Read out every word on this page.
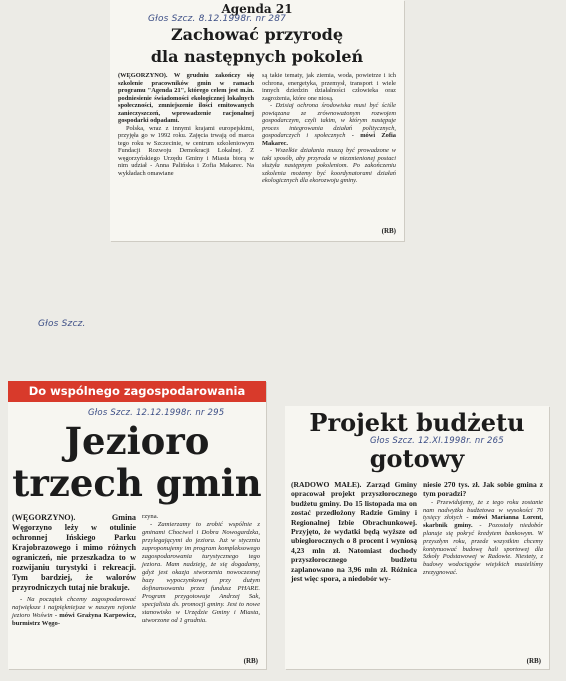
Głos Szcz. 8.12.1998r. nr 287
Agenda 21
Zachować przyrodę
dla następnych pokoleń

(WĘGORZYNO). W grudniu zakończy się szkolenie pracowników gmin w ramach programu "Agenda 21", którego celem jest m.in. podniesienie świadomości ekologicznej lokalnych społeczności, zmniejszenie ilości emitowanych zanieczyszczeń, wprowadzenie racjonalnej gospodarki odpadami.

Polska, wraz z innymi krajami europejskimi, przyjęła go w 1992 roku. Zajęcia trwają od marca tego roku w Szczecinie, w centrum szkoleniowym Fundacji Rozwoju Demokracji Lokalnej. Z węgorzyńskiego Urzędu Gminy i Miasta biorą w nim udział - Anna Palińska i Zofia Makarec. Na wykładach omawiane

są takie tematy, jak ziemia, woda, powietrze i ich ochrona, energetyka, przemysł, transport i wiele innych dziedzin działalności człowieka oraz zagrożenia, które one niosą.

- Dzisiaj ochrona środowiska musi być ściśle powiązana ze zrównoważonym rozwojem gospodarczym, czyli takim, w którym następuje proces integrowania działań politycznych, gospodarczych i społecznych - mówi Zofia Makarec.

- Wszelkie działania muszą być prowadzone w taki sposób, aby przyroda w niezmienionej postaci służyła następnym pokoleniom. Po zakończeniu szkolenia możemy być koordynatorami działań ekologicznych dla ekorozwoju gminy.

(RB)
Głos Szcz.
Do wspólnego zagospodarowania
Głos Szcz. 12.12.1998r. nr 295
Jezioro
trzech gmin

(WĘGORZYNO). Gmina Węgorzyno leży w otulinie ochronnej Ińskiego Parku Krajobrazowego i mimo różnych ograniczeń, nie przeszkadza to w rozwijaniu turystyki i rekreacji. Tym bardziej, że walorów przyrodniczych tutaj nie brakuje.

- Na początek chcemy zagospodarować największe i najpiękniejsze w naszym rejonie jezioro Woświn - mówi Grażyna Karpowicz, burmistrz Węgo-

rzyna.

- Zamierzamy to zrobić wspólnie z gminami Chociwel i Dobra Nowogardzka, przylegającymi do jeziora. Już w styczniu zaproponujemy im program kompleksowego zagospodarowania turystycznego tego jeziora. Mam nadzieję, że się dogadamy, gdyż jest okazja stworzenia nowoczesnej bazy wypoczynkowej przy dużym dofinansowaniu przez fundusz PHARE. Program przygotowuje Andrzej Sak, specjalista ds. promocji gminy. Jest to nowe stanowisko w Urzędzie Gminy i Miasta, utworzone od 1 grudnia.

(RB)
Głos Szcz. 12.XI.1998r. nr 265
Projekt budżetu
gotowy

(RADOWO MAŁE). Zarząd Gminy opracował projekt przyszłorocznego budżetu gminy. Do 15 listopada ma on zostać przedłożony Radzie Gminy i Regionalnej Izbie Obrachunkowej. Przyjęto, że wydatki będą wyższe od ubiegłorocznych o 8 procent i wyniosą 4,23 mln zł. Natomiast dochody przyszłorocznego budżetu zaplanowano na 3,96 mln zł. Różnica jest więc spora, a niedobór wy-

niesie 270 tys. zł. Jak sobie gmina z tym poradzi?

- Przewidujemy, że z tego roku zostanie nam nadwyżka budżetowa w wysokości 70 tysięcy złotych - mówi Marianna Lorent, skarbnik gminy. - Pozostały niedobór planuje się pokryć kredytem bankowym. W przyszłym roku, przede wszystkim chcemy kontynuować budowę hali sportowej dla Szkoły Podstawowej w Radowie. Niestety, z budowy wodociągów wiejskich musieliśmy zrezygnować.

(RB)
